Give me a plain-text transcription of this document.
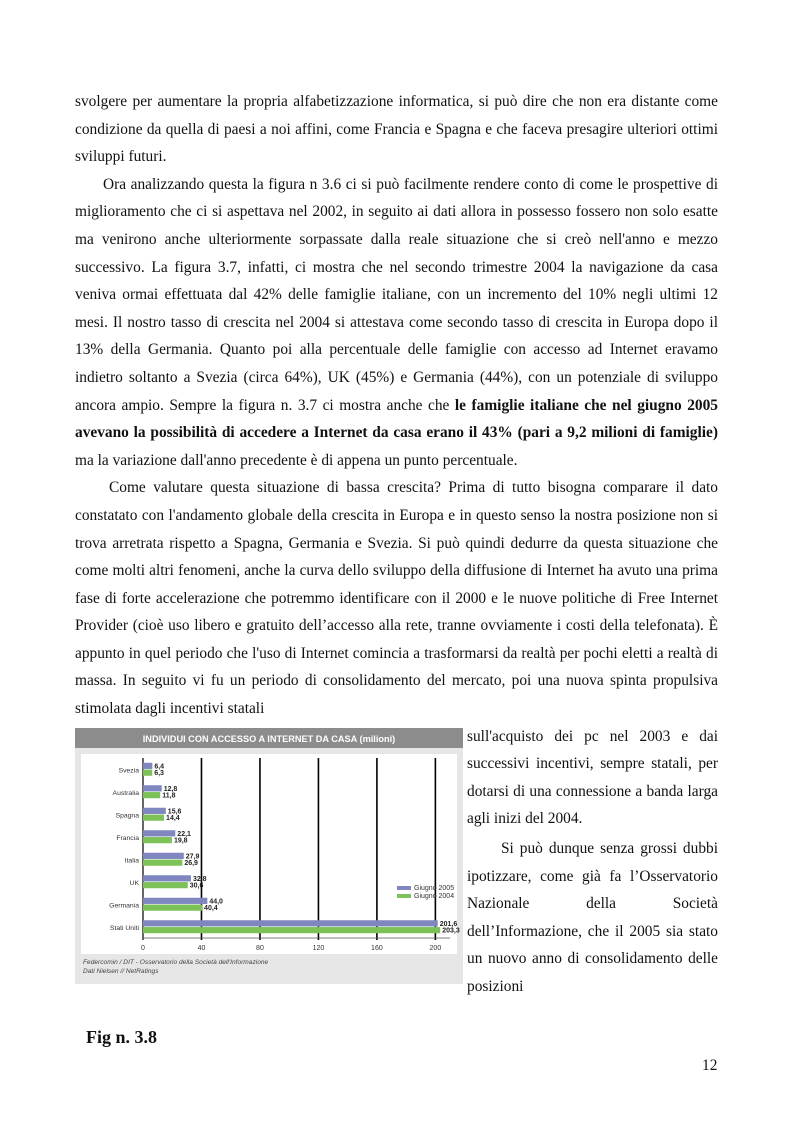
svolgere per aumentare la propria alfabetizzazione informatica, si può dire che non era distante come condizione da quella di paesi a noi affini, come Francia e Spagna e che faceva presagire ulteriori ottimi sviluppi futuri.

Ora analizzando questa la figura n 3.6 ci si può facilmente rendere conto di come le prospettive di miglioramento che ci si aspettava nel 2002, in seguito ai dati allora in possesso fossero non solo esatte ma venirono anche ulteriormente sorpassate dalla reale situazione che si creò nell'anno e mezzo successivo. La figura 3.7, infatti, ci mostra che nel secondo trimestre 2004 la navigazione da casa veniva ormai effettuata dal 42% delle famiglie italiane, con un incremento del 10% negli ultimi 12 mesi. Il nostro tasso di crescita nel 2004 si attestava come secondo tasso di crescita in Europa dopo il 13% della Germania. Quanto poi alla percentuale delle famiglie con accesso ad Internet eravamo indietro soltanto a Svezia (circa 64%), UK (45%) e Germania (44%), con un potenziale di sviluppo ancora ampio. Sempre la figura n. 3.7 ci mostra anche che le famiglie italiane che nel giugno 2005 avevano la possibilità di accedere a Internet da casa erano il 43% (pari a 9,2 milioni di famiglie) ma la variazione dall'anno precedente è di appena un punto percentuale.

Come valutare questa situazione di bassa crescita? Prima di tutto bisogna comparare il dato constatato con l'andamento globale della crescita in Europa e in questo senso la nostra posizione non si trova arretrata rispetto a Spagna, Germania e Svezia. Si può quindi dedurre da questa situazione che come molti altri fenomeni, anche la curva dello sviluppo della diffusione di Internet ha avuto una prima fase di forte accelerazione che potremmo identificare con il 2000 e le nuove politiche di Free Internet Provider (cioè uso libero e gratuito dell’accesso alla rete, tranne ovviamente i costi della telefonata). È appunto in quel periodo che l'uso di Internet comincia a trasformarsi da realtà per pochi eletti a realtà di massa. In seguito vi fu un periodo di consolidamento del mercato, poi una nuova spinta propulsiva stimolata dagli incentivi statali

INDIVIDUI CON ACCESSO A INTERNET DA CASA (milioni)
Svezia
Australia
Spagna
Francia
Italia
UK
Germania
Stati Uniti
6,4
6,3
12,8
11,8
15,6
14,4
22,1
19,8
27,9
26,9
32,8
30,6
44,0
40,4
201,6
203,3
0	40	80	120	160	200
Giugno 2005
Giugno 2004
Federcomin / DIT - Osservatorio della Società dell'Informazione
Dati Nielsen // NetRatings

sull'acquisto dei pc nel 2003 e dai successivi incentivi, sempre statali, per dotarsi di una connessione a banda larga agli inizi del 2004.

Si può dunque senza grossi dubbi ipotizzare, come già fa l’Osservatorio Nazionale della Società dell’Informazione, che il 2005 sia stato un nuovo anno di consolidamento delle posizioni

Fig n. 3.8
12
